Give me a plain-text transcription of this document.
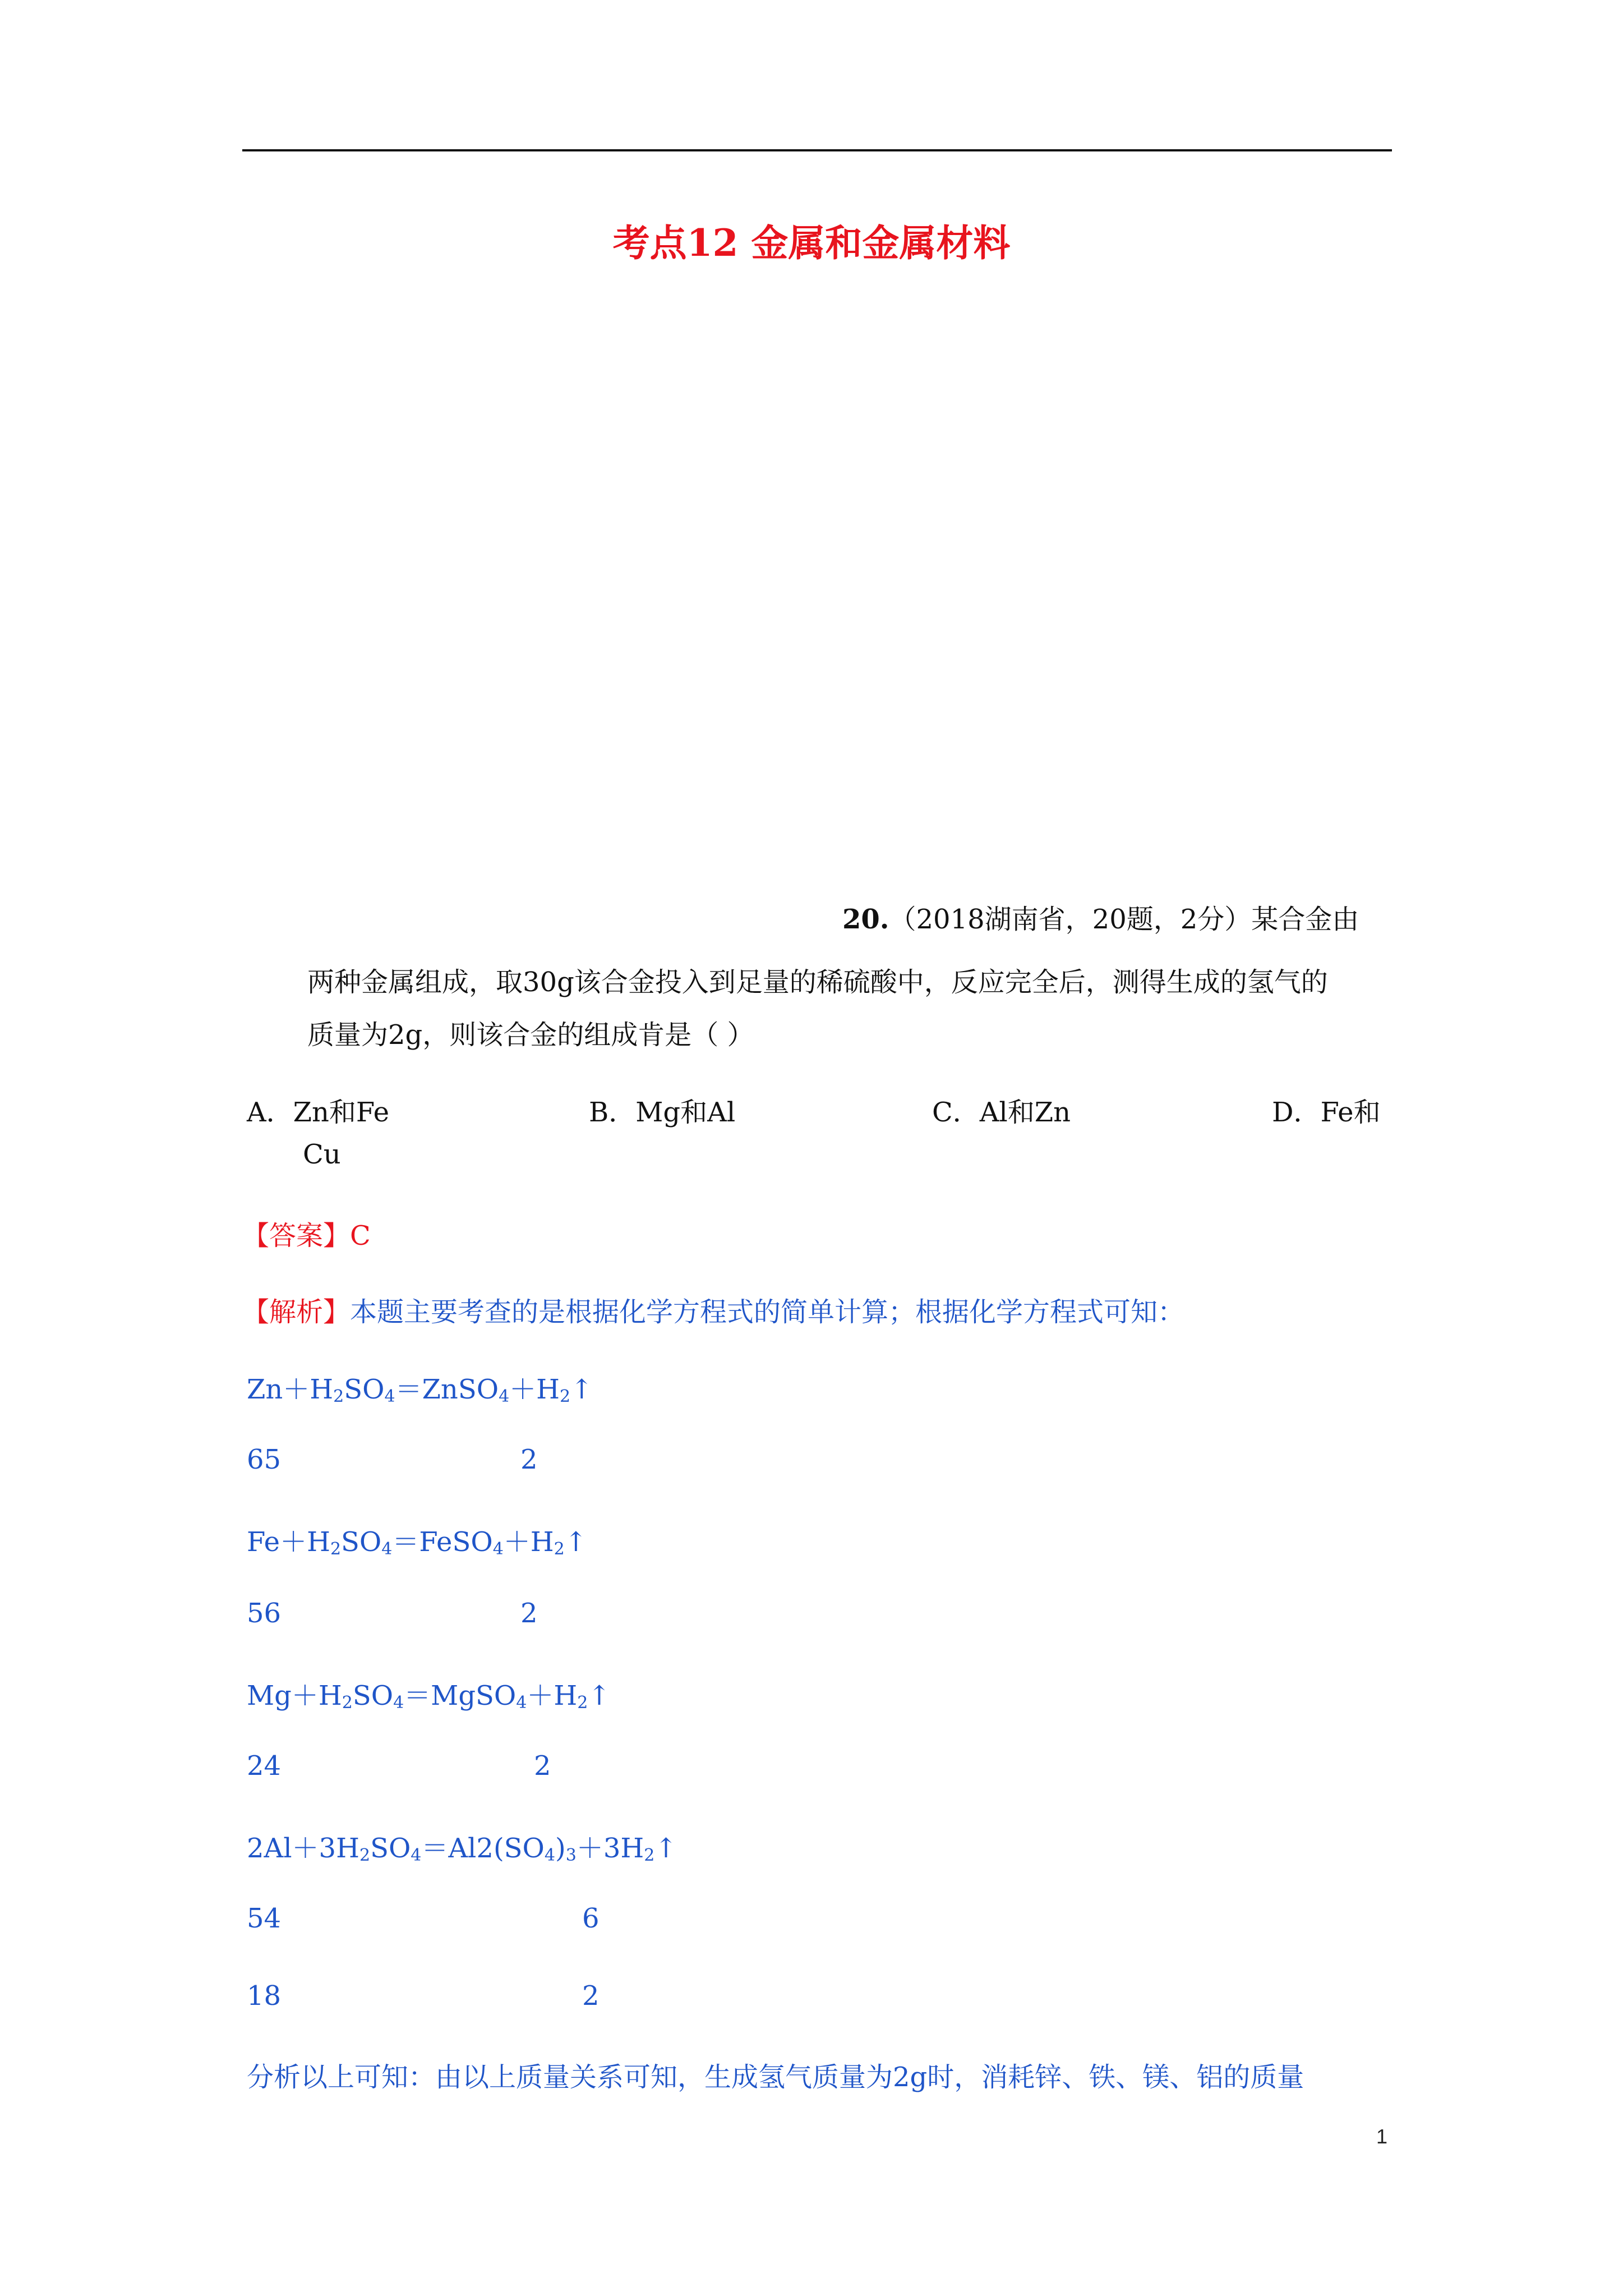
考点12 金属和金属材料
20.（2018湖南省，20题，2分）某合金由
两种金属组成，取30g该合金投入到足量的稀硫酸中，反应完全后，测得生成的氢气的
质量为2g，则该合金的组成肯是（ ）
A．Zn和Fe	B．Mg和Al	C．Al和Zn	D．Fe和
Cu
【答案】C
【解析】本题主要考查的是根据化学方程式的简单计算；根据化学方程式可知：
$Zn+H_2SO_4=ZnSO_4+H_2↑$
65	2
$Fe+H_2SO_4=FeSO_4+H_2↑$
56	2
$Mg+H_2SO_4=MgSO_4+H_2↑$
24	2
$2Al+3H_2SO_4=Al2(SO_4)_3+3H_2↑$
54	6
18	2
分析以上可知：由以上质量关系可知，生成氢气质量为2g时，消耗锌、铁、镁、铝的质量
1
